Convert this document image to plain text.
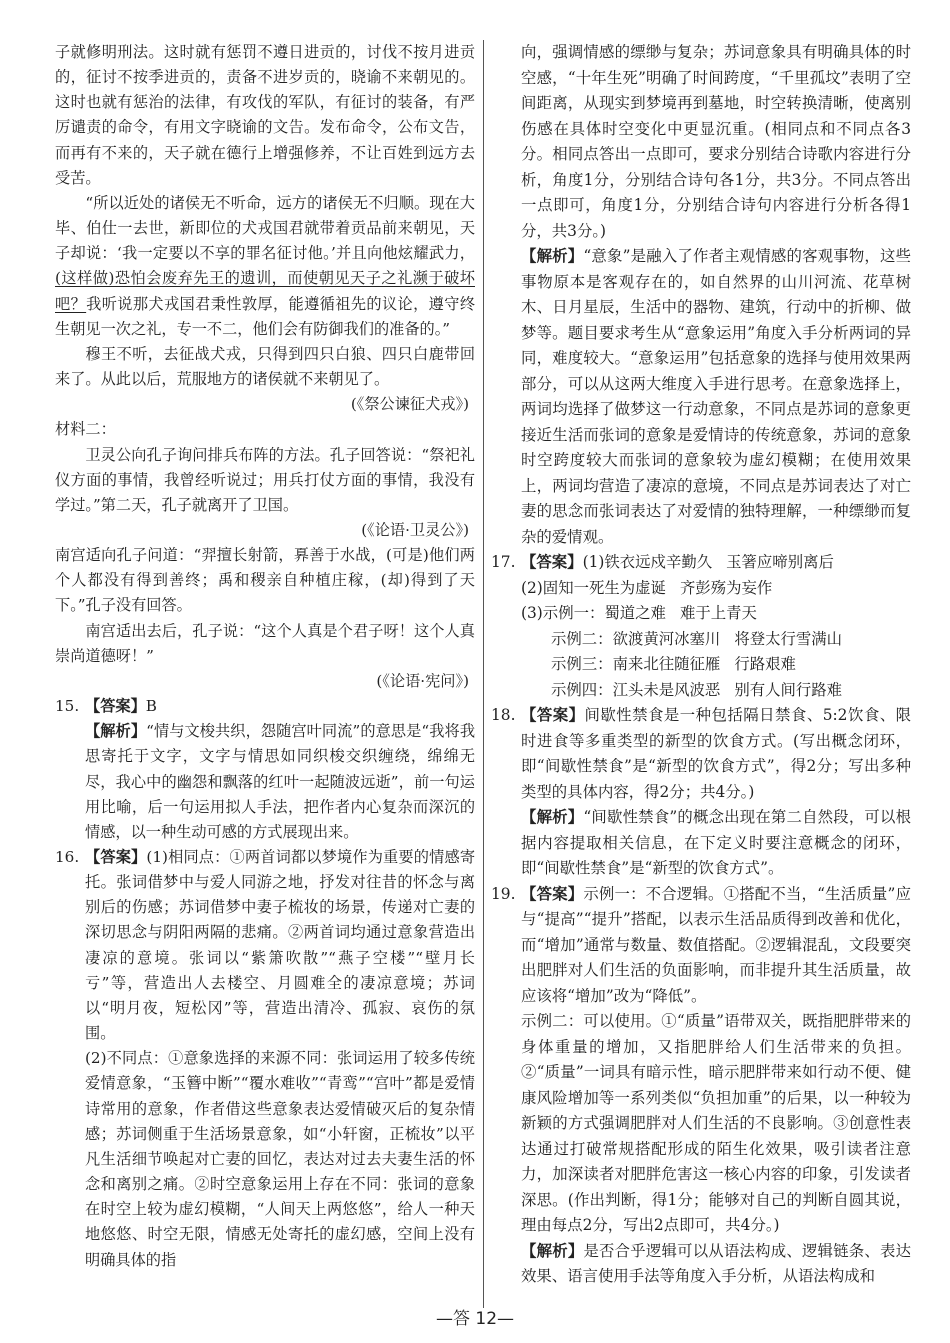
子就修明刑法。这时就有惩罚不遵日进贡的，讨伐不按月进贡的，征讨不按季进贡的，责备不进岁贡的，晓谕不来朝见的。这时也就有惩治的法律，有攻伐的军队，有征讨的装备，有严厉谴责的命令，有用文字晓谕的文告。发布命令，公布文告，而再有不来的，天子就在德行上增强修养，不让百姓到远方去受苦。

“所以近处的诸侯无不听命，远方的诸侯无不归顺。现在大毕、伯仕一去世，新即位的犬戎国君就带着贡品前来朝见，天子却说：‘我一定要以不享的罪名征讨他。’并且向他炫耀武力，(这样做)恐怕会废弃先王的遗训，而使朝见天子之礼濒于破坏吧？我听说那犬戎国君秉性敦厚，能遵循祖先的议论，遵守终生朝见一次之礼，专一不二，他们会有防御我们的准备的。”

穆王不听，去征战犬戎，只得到四只白狼、四只白鹿带回来了。从此以后，荒服地方的诸侯就不来朝见了。

(《祭公谏征犬戎》)

材料二：

卫灵公向孔子询问排兵布阵的方法。孔子回答说：“祭祀礼仪方面的事情，我曾经听说过；用兵打仗方面的事情，我没有学过。”第二天，孔子就离开了卫国。

(《论语·卫灵公》)

南宫适向孔子问道：“羿擅长射箭，奡善于水战，(可是)他们两个人都没有得到善终；禹和稷亲自种植庄稼，(却)得到了天下。”孔子没有回答。

南宫适出去后，孔子说：“这个人真是个君子呀！这个人真崇尚道德呀！”

(《论语·宪问》)

15. 【答案】B

【解析】“情与文梭共织，怨随宫叶同流”的意思是“我将我思寄托于文字，文字与情思如同织梭交织缠绕，绵绵无尽，我心中的幽怨和飘落的红叶一起随波远逝”，前一句运用比喻，后一句运用拟人手法，把作者内心复杂而深沉的情感，以一种生动可感的方式展现出来。

16. 【答案】(1)相同点：①两首词都以梦境作为重要的情感寄托。张词借梦中与爱人同游之地，抒发对往昔的怀念与离别后的伤感；苏词借梦中妻子梳妆的场景，传递对亡妻的深切思念与阴阳两隔的悲痛。②两首词均通过意象营造出凄凉的意境。张词以“紫箫吹散”“燕子空楼”“壁月长亏”等，营造出人去楼空、月圆难全的凄凉意境；苏词以“明月夜，短松冈”等，营造出清冷、孤寂、哀伤的氛围。

(2)不同点：①意象选择的来源不同：张词运用了较多传统爱情意象，“玉簪中断”“覆水难收”“青鸾”“宫叶”都是爱情诗常用的意象，作者借这些意象表达爱情破灭后的复杂情感；苏词侧重于生活场景意象，如“小轩窗，正梳妆”以平凡生活细节唤起对亡妻的回忆，表达对过去夫妻生活的怀念和离别之痛。②时空意象运用上存在不同：张词的意象在时空上较为虚幻模糊，“人间天上两悠悠”，给人一种天地悠悠、时空无限，情感无处寄托的虚幻感，空间上没有明确具体的指

向，强调情感的缥缈与复杂；苏词意象具有明确具体的时空感，“十年生死”明确了时间跨度，“千里孤坟”表明了空间距离，从现实到梦境再到墓地，时空转换清晰，使离别伤感在具体时空变化中更显沉重。(相同点和不同点各3分。相同点答出一点即可，要求分别结合诗歌内容进行分析，角度1分，分别结合诗句各1分，共3分。不同点答出一点即可，角度1分，分别结合诗句内容进行分析各得1分，共3分。)

【解析】“意象”是融入了作者主观情感的客观事物，这些事物原本是客观存在的，如自然界的山川河流、花草树木、日月星辰，生活中的器物、建筑，行动中的折柳、做梦等。题目要求考生从“意象运用”角度入手分析两词的异同，难度较大。“意象运用”包括意象的选择与使用效果两部分，可以从这两大维度入手进行思考。在意象选择上，两词均选择了做梦这一行动意象，不同点是苏词的意象更接近生活而张词的意象是爱情诗的传统意象，苏词的意象时空跨度较大而张词的意象较为虚幻模糊；在使用效果上，两词均营造了凄凉的意境，不同点是苏词表达了对亡妻的思念而张词表达了对爱情的独特理解，一种缥缈而复杂的爱情观。

17. 【答案】(1)铁衣远戍辛勤久 玉箸应啼别离后

(2)固知一死生为虚诞 齐彭殇为妄作

(3)示例一：蜀道之难 难于上青天

示例二：欲渡黄河冰塞川 将登太行雪满山

示例三：南来北往随征雁 行路艰难

示例四：江头未是风波恶 别有人间行路难

18. 【答案】间歇性禁食是一种包括隔日禁食、5:2饮食、限时进食等多重类型的新型的饮食方式。(写出概念闭环，即“间歇性禁食”是“新型的饮食方式”，得2分；写出多种类型的具体内容，得2分；共4分。)

【解析】“间歇性禁食”的概念出现在第二自然段，可以根据内容提取相关信息，在下定义时要注意概念的闭环，即“间歇性禁食”是“新型的饮食方式”。

19. 【答案】示例一：不合逻辑。①搭配不当，“生活质量”应与“提高”“提升”搭配，以表示生活品质得到改善和优化，而“增加”通常与数量、数值搭配。②逻辑混乱，文段要突出肥胖对人们生活的负面影响，而非提升其生活质量，故应该将“增加”改为“降低”。

示例二：可以使用。①“质量”语带双关，既指肥胖带来的身体重量的增加，又指肥胖给人们生活带来的负担。②“质量”一词具有暗示性，暗示肥胖带来如行动不便、健康风险增加等一系列类似“负担加重”的后果，以一种较为新颖的方式强调肥胖对人们生活的不良影响。③创意性表达通过打破常规搭配形成的陌生化效果，吸引读者注意力，加深读者对肥胖危害这一核心内容的印象，引发读者深思。(作出判断，得1分；能够对自己的判断自圆其说，理由每点2分，写出2点即可，共4分。)

【解析】是否合乎逻辑可以从语法构成、逻辑链条、表达效果、语言使用手法等角度入手分析，从语法构成和

—答 12—
